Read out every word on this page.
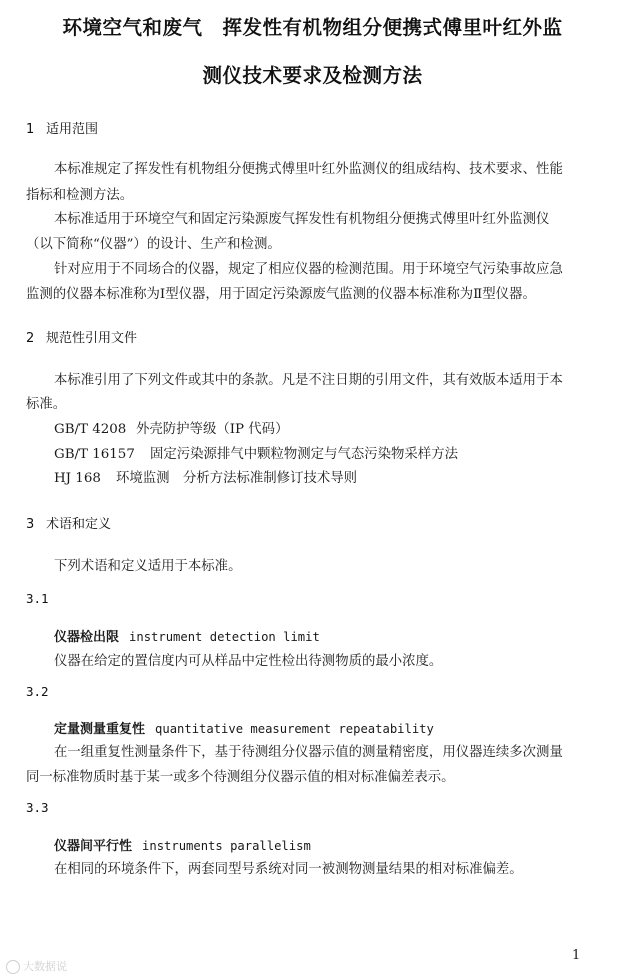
环境空气和废气　挥发性有机物组分便携式傅里叶红外监
测仪技术要求及检测方法
1 适用范围
本标准规定了挥发性有机物组分便携式傅里叶红外监测仪的组成结构、技术要求、性能
指标和检测方法。
本标准适用于环境空气和固定污染源废气挥发性有机物组分便携式傅里叶红外监测仪
（以下简称“仪器”）的设计、生产和检测。
针对应用于不同场合的仪器，规定了相应仪器的检测范围。用于环境空气污染事故应急
监测的仪器本标准称为Ⅰ型仪器，用于固定污染源废气监测的仪器本标准称为Ⅱ型仪器。
2 规范性引用文件
本标准引用了下列文件或其中的条款。凡是不注日期的引用文件，其有效版本适用于本
标准。
GB/T 4208 外壳防护等级（IP 代码）
GB/T 16157 固定污染源排气中颗粒物测定与气态污染物采样方法
HJ 168 环境监测　分析方法标准制修订技术导则
3 术语和定义
下列术语和定义适用于本标准。
3.1
仪器检出限 instrument detection limit
仪器在给定的置信度内可从样品中定性检出待测物质的最小浓度。
3.2
定量测量重复性 quantitative measurement repeatability
在一组重复性测量条件下，基于待测组分仪器示值的测量精密度，用仪器连续多次测量
同一标准物质时基于某一或多个待测组分仪器示值的相对标准偏差表示。
3.3
仪器间平行性 instruments parallelism
在相同的环境条件下，两套同型号系统对同一被测物测量结果的相对标准偏差。
1
大数据说
